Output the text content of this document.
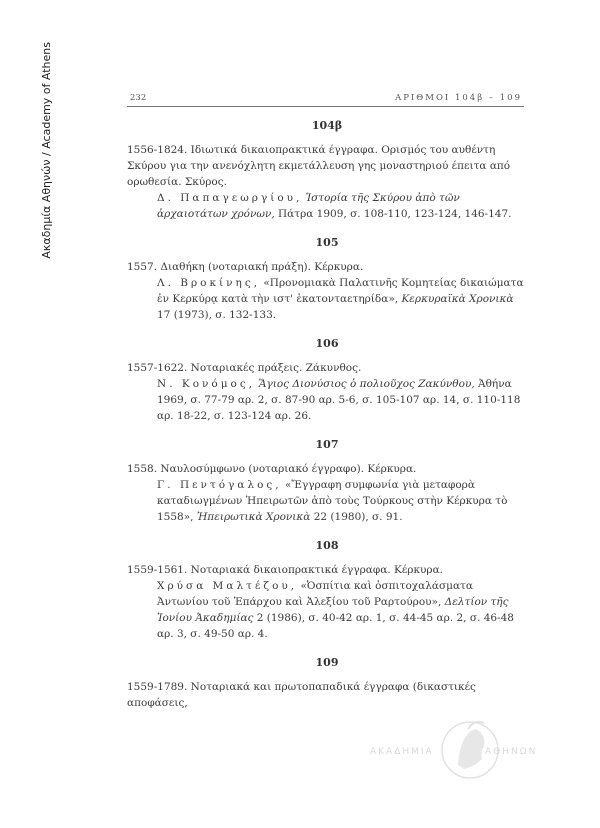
Ακαδημία Αθηνών / Academy of Athens	232	ΑΡΙΘΜΟΙ 104β – 109
104β

1556-1824. Ιδιωτικά δικαιοπρακτικά έγγραφα. Ορισμός του αυθέντη Σκύρου για την ανενόχλητη εκμετάλλευση γης μοναστηριού έπειτα από ορωθεσία. Σκύρος.

Δ. Παπαγεωργίου, Ἱστορία τῆς Σκύρου ἀπὸ τῶν ἀρχαιοτάτων χρόνων, Πάτρα 1909, σ. 108-110, 123-124, 146-147.

105

1557. Διαθήκη (νοταριακή πράξη). Κέρκυρα.

Λ. Βροκίνης, «Προνομιακὰ Παλατινῆς Κομητείας δικαιώματα ἐν Κερκύρᾳ κατὰ τὴν ιστ' ἑκατονταετηρίδα», Κερκυραϊκὰ Χρονικὰ 17 (1973), σ. 132-133.

106

1557-1622. Νοταριακές πράξεις. Ζάκυνθος.

Ν. Κονόμος, Ἅγιος Διονύσιος ὁ πολιοῦχος Ζακύνθου, Ἀθήνα 1969, σ. 77-79 αρ. 2, σ. 87-90 αρ. 5-6, σ. 105-107 αρ. 14, σ. 110-118 αρ. 18-22, σ. 123-124 αρ. 26.

107

1558. Ναυλοσύμφωνο (νοταριακό έγγραφο). Κέρκυρα.

Γ. Πεντόγαλος, «Ἔγγραφη συμφωνία γιὰ μεταφορὰ καταδιωγμένων Ἠπειρωτῶν ἀπὸ τοὺς Τούρκους στὴν Κέρκυρα τὸ 1558», Ἠπειρωτικὰ Χρονικὰ 22 (1980), σ. 91.

108

1559-1561. Νοταριακά δικαιοπρακτικά έγγραφα. Κέρκυρα.

Χρύσα Μαλτέζου, «Ὀσπίτια καὶ ὀσπιτοχαλάσματα Ἀντωνίου τοῦ Ἐπάρχου καὶ Ἀλεξίου τοῦ Ραρτούρου», Δελτίον τῆς Ἰονίου Ἀκαδημίας 2 (1986), σ. 40-42 αρ. 1, σ. 44-45 αρ. 2, σ. 46-48 αρ. 3, σ. 49-50 αρ. 4.

109

1559-1789. Νοταριακά και πρωτοπαπαδικά έγγραφα (δικαστικές αποφάσεις,

ΑΚΑΔΗΜΙΑ	ΑΘΗΝΩΝ
